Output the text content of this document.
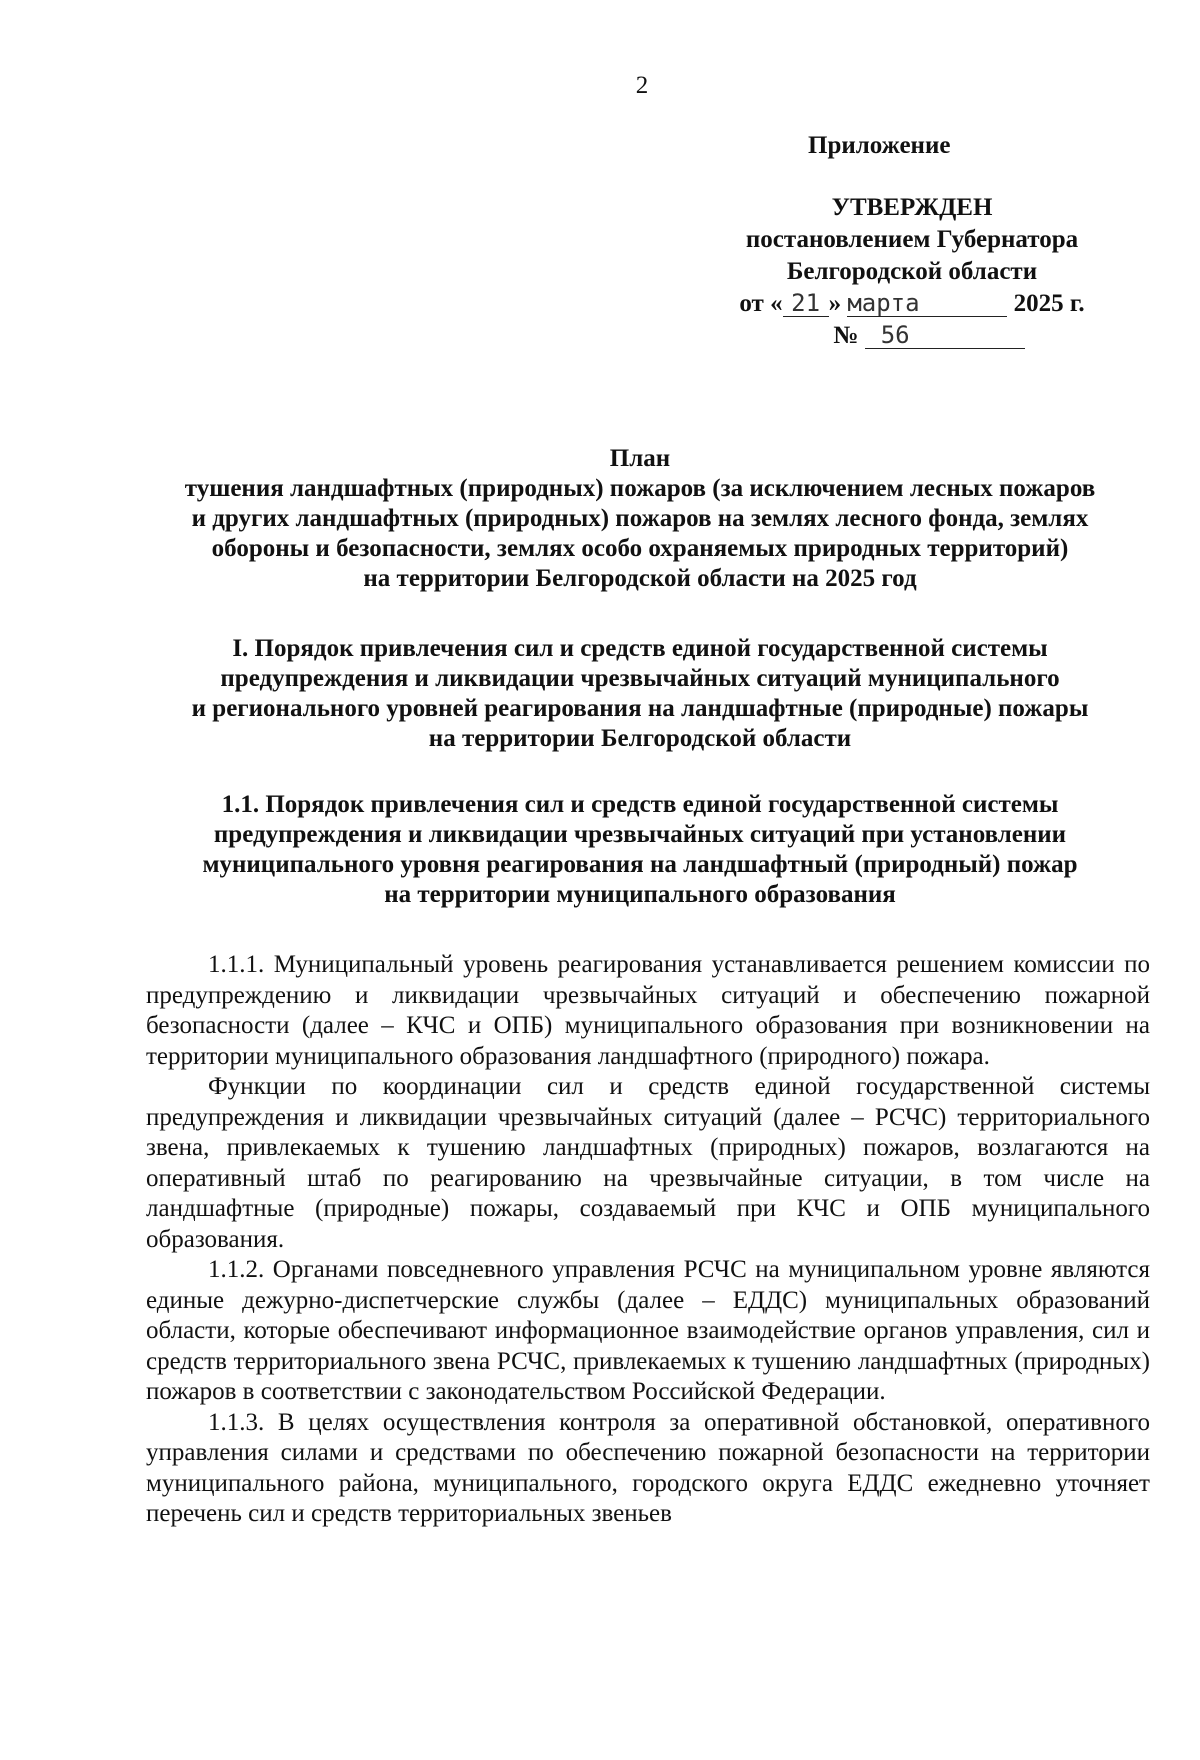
2
Приложение
УТВЕРЖДЕН
постановлением Губернатора
Белгородской области
от « 21 » марта	2025 г.
№ 56
План
тушения ландшафтных (природных) пожаров (за исключением лесных пожаров
и других ландшафтных (природных) пожаров на землях лесного фонда, землях
обороны и безопасности, землях особо охраняемых природных территорий)
на территории Белгородской области на 2025 год
I. Порядок привлечения сил и средств единой государственной системы
предупреждения и ликвидации чрезвычайных ситуаций муниципального
и регионального уровней реагирования на ландшафтные (природные) пожары
на территории Белгородской области
1.1. Порядок привлечения сил и средств единой государственной системы
предупреждения и ликвидации чрезвычайных ситуаций при установлении
муниципального уровня реагирования на ландшафтный (природный) пожар
на территории муниципального образования

1.1.1. Муниципальный уровень реагирования устанавливается решением комиссии по предупреждению и ликвидации чрезвычайных ситуаций и обеспечению пожарной безопасности (далее – КЧС и ОПБ) муниципального образования при возникновении на территории муниципального образования ландшафтного (природного) пожара.

Функции по координации сил и средств единой государственной системы предупреждения и ликвидации чрезвычайных ситуаций (далее – РСЧС) территориального звена, привлекаемых к тушению ландшафтных (природных) пожаров, возлагаются на оперативный штаб по реагированию на чрезвычайные ситуации, в том числе на ландшафтные (природные) пожары, создаваемый при КЧС и ОПБ муниципального образования.

1.1.2. Органами повседневного управления РСЧС на муниципальном уровне являются единые дежурно-диспетчерские службы (далее – ЕДДС) муниципальных образований области, которые обеспечивают информационное взаимодействие органов управления, сил и средств территориального звена РСЧС, привлекаемых к тушению ландшафтных (природных) пожаров в соответствии с законодательством Российской Федерации.

1.1.3. В целях осуществления контроля за оперативной обстановкой, оперативного управления силами и средствами по обеспечению пожарной безопасности на территории муниципального района, муниципального, городского округа ЕДДС ежедневно уточняет перечень сил и средств территориальных звеньев
